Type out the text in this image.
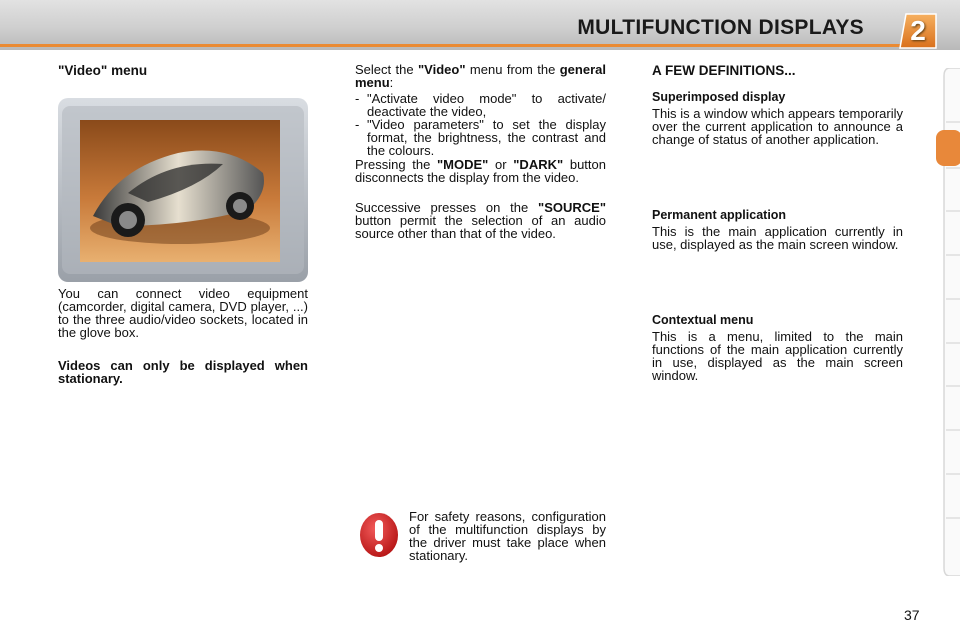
MULTIFUNCTION DISPLAYS	2
"Video" menu
You can connect video equipment (camcorder, digital camera, DVD player, ...) to the three audio/video sockets, located in the glove box.
Videos can only be displayed when stationary.
Select the "Video" menu from the general menu:
- "Activate video mode" to activate/ deactivate the video,
- "Video parameters" to set the display format, the brightness, the contrast and the colours.
Pressing the "MODE" or "DARK" button disconnects the display from the video.
Successive presses on the "SOURCE" button permit the selection of an audio source other than that of the video.
For safety reasons, configuration of the multifunction displays by the driver must take place when stationary.
A FEW DEFINITIONS...
Superimposed display
This is a window which appears temporarily over the current application to announce a change of status of another application.
Permanent application
This is the main application currently in use, displayed as the main screen window.
Contextual menu
This is a menu, limited to the main functions of the main application currently in use, displayed as the main screen window.
37
